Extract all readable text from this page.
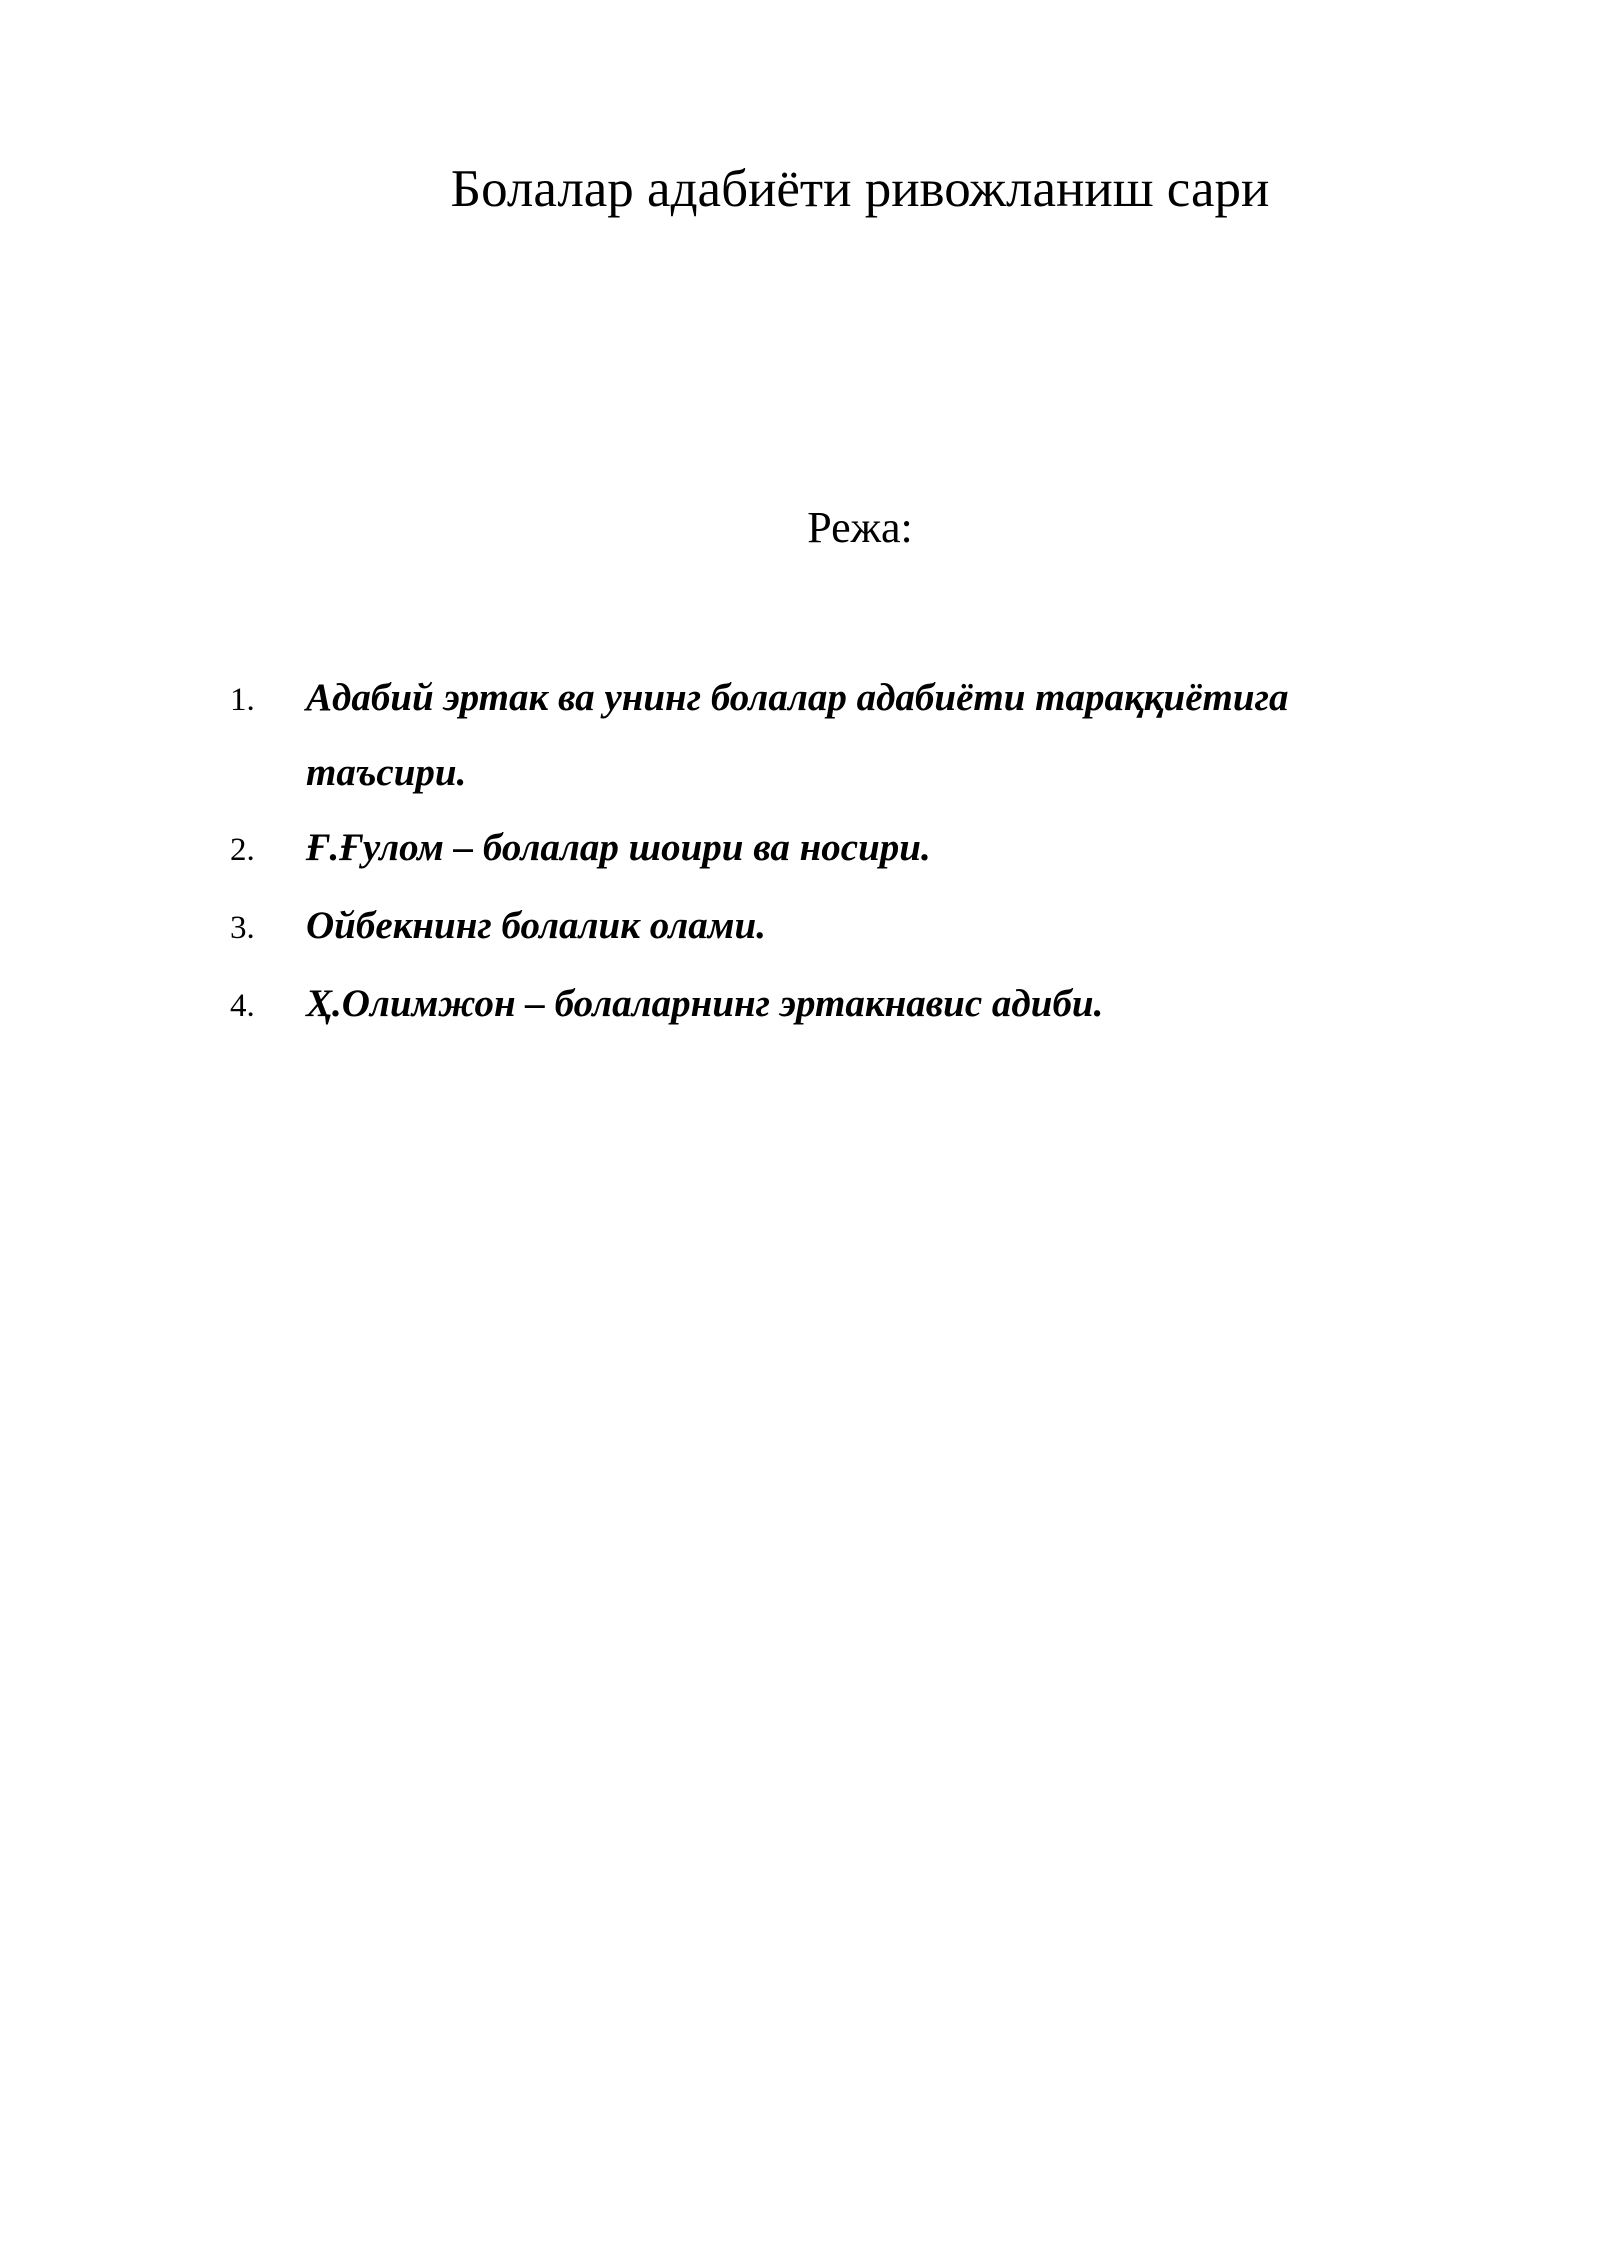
Болалар адабиёти ривожланиш сари
Режа:
1.	Адабий эртак ва унинг болалар адабиёти тараққиётига таъсири.
2.	Ғ.Ғулом – болалар шоири ва носири.
3.	Ойбекнинг болалик олами.
4.	Ҳ.Олимжон – болаларнинг эртакнавис адиби.
